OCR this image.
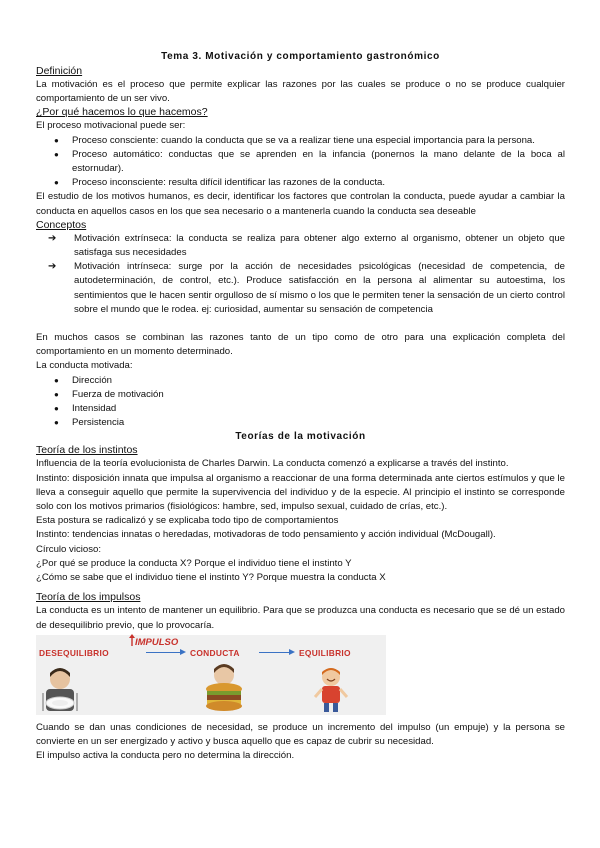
Tema 3. Motivación y comportamiento gastronómico
Definición
La motivación es el proceso que permite explicar las razones por las cuales se produce o no se produce cualquier comportamiento de un ser vivo.
¿Por qué hacemos lo que hacemos?
El proceso motivacional puede ser:
● Proceso consciente: cuando la conducta que se va a realizar tiene una especial importancia para la persona.
● Proceso automático: conductas que se aprenden en la infancia (ponernos la mano delante de la boca al estornudar).
● Proceso inconsciente: resulta difícil identificar las razones de la conducta.
El estudio de los motivos humanos, es decir, identificar los factores que controlan la conducta, puede ayudar a cambiar la conducta en aquellos casos en los que sea necesario o a mantenerla cuando la conducta sea deseable
Conceptos
➔ Motivación extrínseca: la conducta se realiza para obtener algo externo al organismo, obtener un objeto que satisfaga sus necesidades
➔ Motivación intrínseca: surge por la acción de necesidades psicológicas (necesidad de competencia, de autodeterminación, de control, etc.). Produce satisfacción en la persona al alimentar su autoestima, los sentimientos que le hacen sentir orgulloso de sí mismo o los que le permiten tener la sensación de un cierto control sobre el mundo que le rodea. ej: curiosidad, aumentar su sensación de competencia
En muchos casos se combinan las razones tanto de un tipo como de otro para una explicación completa del comportamiento en un momento determinado.
La conducta motivada:
● Dirección
● Fuerza de motivación
● Intensidad
● Persistencia
Teorías de la motivación
Teoría de los instintos
Influencia de la teoría evolucionista de Charles Darwin. La conducta comenzó a explicarse a través del instinto.
Instinto: disposición innata que impulsa al organismo a reaccionar de una forma determinada ante ciertos estímulos y que le lleva a conseguir aquello que permite la supervivencia del individuo y de la especie. Al principio el instinto se corresponde solo con los motivos primarios (fisiológicos: hambre, sed, impulso sexual, cuidado de crías, etc.).
Esta postura se radicalizó y se explicaba todo tipo de comportamientos
Instinto: tendencias innatas o heredadas, motivadoras de todo pensamiento y acción individual (McDougall).
Círculo vicioso:
¿Por qué se produce la conducta X? Porque el individuo tiene el instinto Y
¿Cómo se sabe que el individuo tiene el instinto Y? Porque muestra la conducta X
Teoría de los impulsos
La conducta es un intento de mantener un equilibrio. Para que se produzca una conducta es necesario que se dé un estado de desequilibrio previo, que lo provocaría.
DESEQUILIBRIO	CONDUCTA	EQUILIBRIO
IMPULSO
Cuando se dan unas condiciones de necesidad, se produce un incremento del impulso (un empuje) y la persona se convierte en un ser energizado y activo y busca aquello que es capaz de cubrir su necesidad.
El impulso activa la conducta pero no determina la dirección.
